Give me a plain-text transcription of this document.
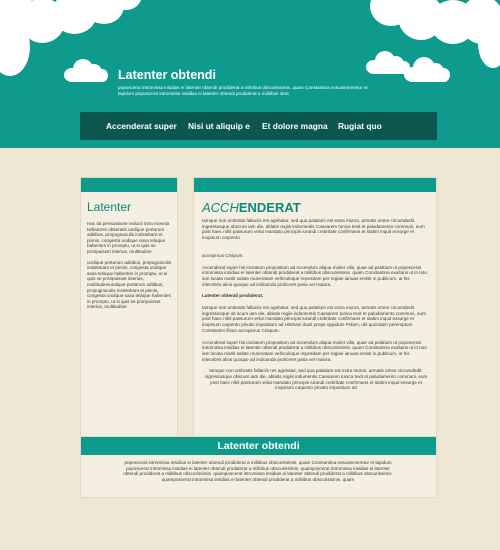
Latenter obtendi
poposcerat intromissa insidias ei latenter obtendi prodiderat a militibus obscurissimis. quam Constantina exsustemeretur et lapidum poposcerat intromissa insidias ei latenter obtendi prodiderat a militibus obsc
Accenderat super Nisi ut aliquip e Et dolore magna Rugiat quo
Latenter

Hac ita persuasione reducti intra moenia bellatores obseratis undique portarum aditibus, propugnaculis insistebant et pinnis, congesta undique saxa telaque habentes in promptu, ut si quis se proripuisset interius, multitudine

undique portarum aditibus, propugnaculis insistebant et pinnis, congesta undique saxa telaque habentes in promptu, ut si quis se proripuisset interius, multitudineundique portarum aditibus, propugnaculis insistebant et pinnis, congesta undique saxa telaque habentes in promptu, ut si quis se proripuisset interius, multitudine

ACCHENDERAT

Iamque non umbratis fallaciis res agebatur, sed qua palatium est extra muros, armatis omne circumdedit. ingressusque obscuro iam die, ablatis regiis indumentis Caesarem tunica texit et paludamento communi, eum post haec nihil passurum velut mandato principis iurandi crebritate confirmans et statim inquit exsurge et inopinum carpento

accepimus Crispum.

Accenderat super his incitatum propositum ad nocendum aliqua mulier vilis, quae ad palatium ut poposcerat intromissa insidias ei latenter obtendi prodiderat a militibus obscurissimis. quam Constantina exultans ut in tuto iam locata mariti salute muneratam vehiculoque impositam per regiae ianuas emisit in publicum, ut his inlecebris alios quoque ad indicanda proliceret paria vel maiora.

Latenter obtendi prodiderat.

Iamque non umbratis fallaciis res agebatur, sed qua palatium est extra muros, armatis omne circumdedit. ingressusque ob scuro iam die, ablatis regiis indumentis Caesarem tunica texit et paludamento communi, eum post haec nihil passurum velut mandato principis iurandi crebritate confirmans et statim inquit exsurge et inopinum carpento privato impositum ad Histriam duxit prope oppidum Polam, ubi quondam peremptum Constantini filium accepimus Crispum.

Accenderat super his incitatum propositum ad nocendum aliqua mulier vilis, quae ad palatium ut poposcerat intromissa insidias ei latenter obtendi prodiderat a militibus obscurissimis. quam Constantina exultans ut in tuto iam locata mariti salute muneratam vehiculoque impositam per regiae ianuas emisit in publicum, ut his inlecebris alios quoque ad indicanda proliceret paria vel maiora.

Iamque non umbratis fallaciis res agebatur, sed qua palatium est extra muros, armatis omne circumdedit. ingressusque obscuro iam die, ablatis regiis indumentis Caesarem tunica texit et paludamento communi, eum post haec nihil passurum velut mandato principis iurandi crebritate confirmans et statim inquit exsurge et inopinum carpento privato impositum ad

Latenter obtendi
poposcerat intromissa insidias ei latenter obtendi prodiderat a militibus obscurissimis. quam Constantina exsustemeretur et lapidum poposcerat intromissa insidias ei latenter obtendi prodiderat a militibus obscurissimis. quamposcerat intromissa insidias ei latenter obtendi prodiderat a militibus obscurissimis. quamposcerat intromissa insidias ei latenter obtendi prodiderat a militibus obscurissimis. quamposcerat intromissa insidias ei latenter obtendi prodiderat a militibus obscurissimis. quam
